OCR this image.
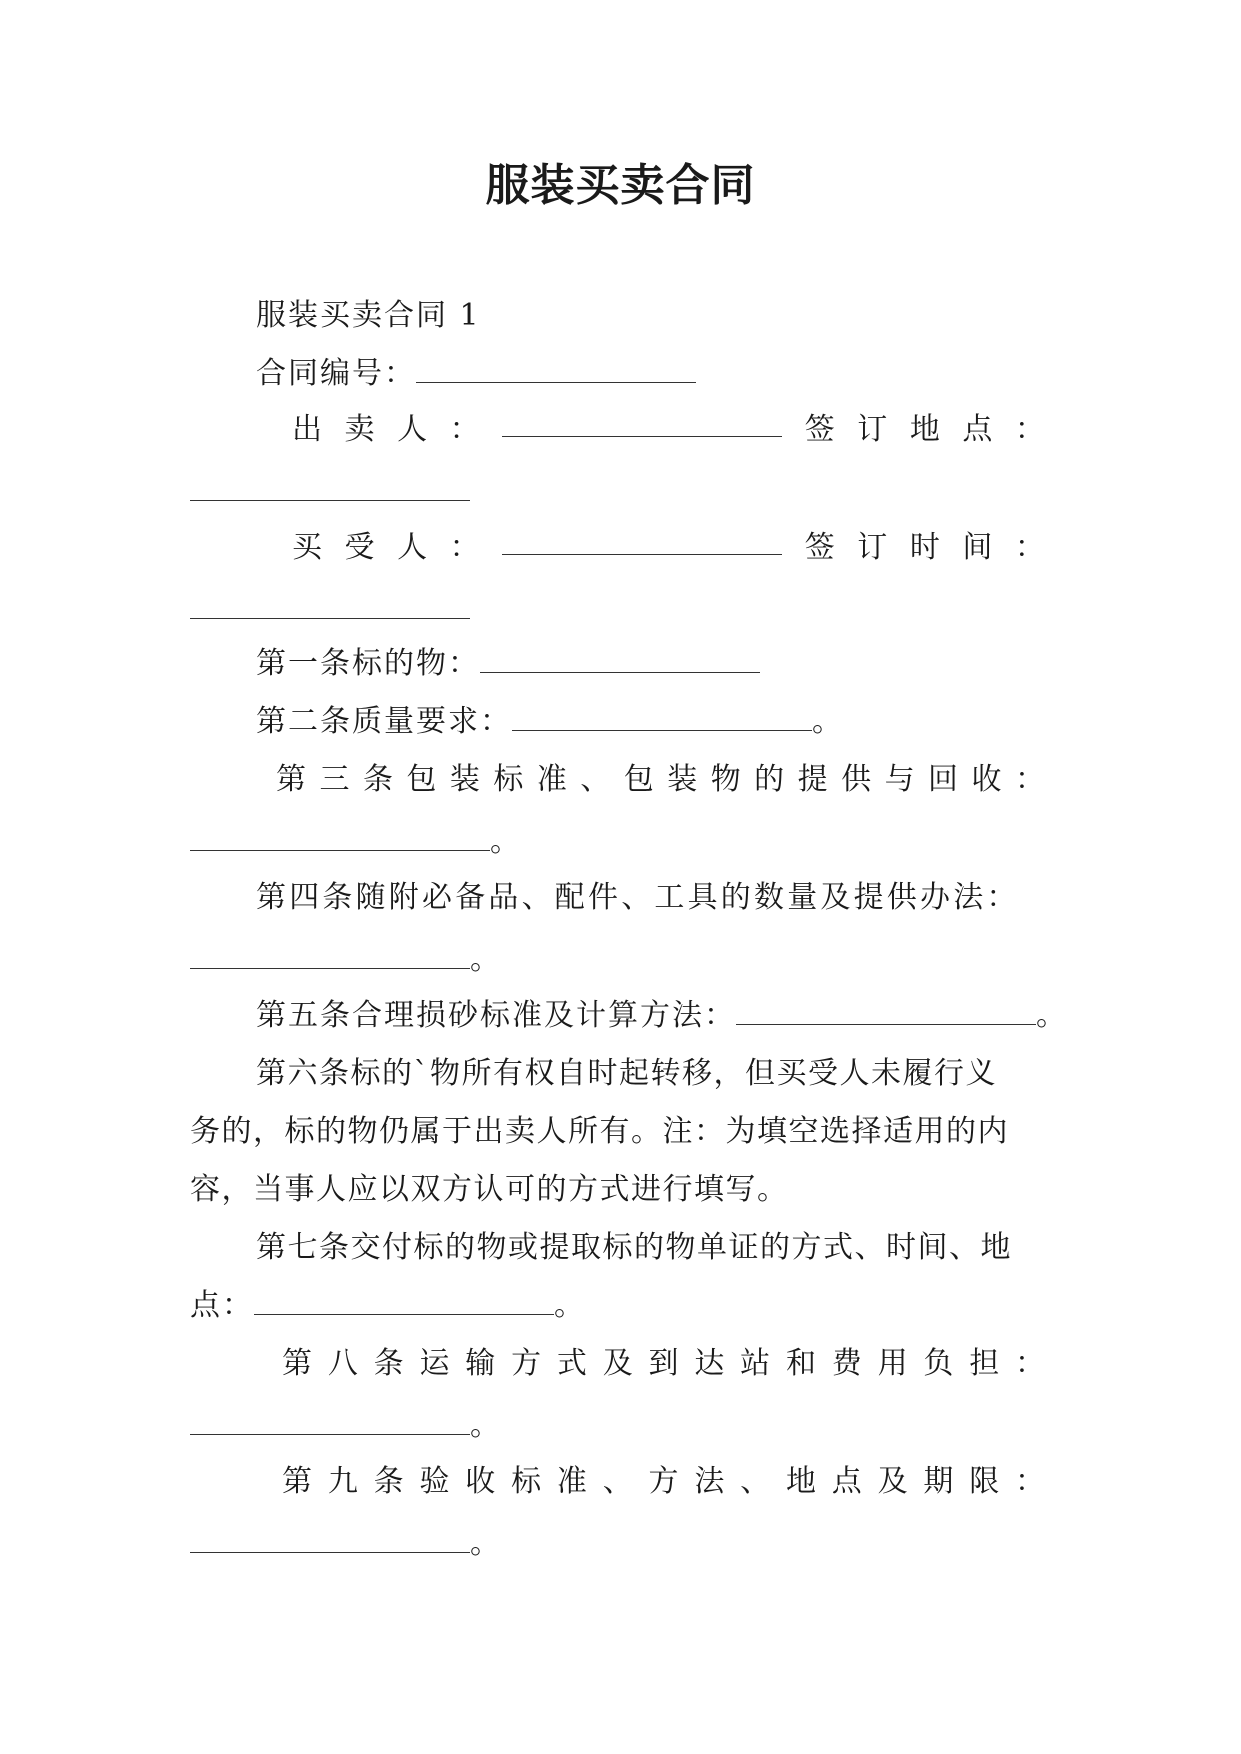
服装买卖合同
服装买卖合同 1
合同编号：
出 卖 人 ：	签 订 地 点 ：
买 受 人 ：	签 订 时 间 ：
第一条标的物：
第二条质量要求：	。
第 三 条 包 装 标 准 、 包 装 物 的 提 供 与 回 收 ：
。
第四条随附必备品、配件、工具的数量及提供办法：
。
第五条合理损砂标准及计算方法：	。
第六条标的`物所有权自时起转移，但买受人未履行义
务的，标的物仍属于出卖人所有。注：为填空选择适用的内
容，当事人应以双方认可的方式进行填写。
第七条交付标的物或提取标的物单证的方式、时间、地
点：	。
第 八 条 运 输 方 式 及 到 达 站 和 费 用 负 担 ：
。
第 九 条 验 收 标 准 、 方 法 、 地 点 及 期 限 ：
。
